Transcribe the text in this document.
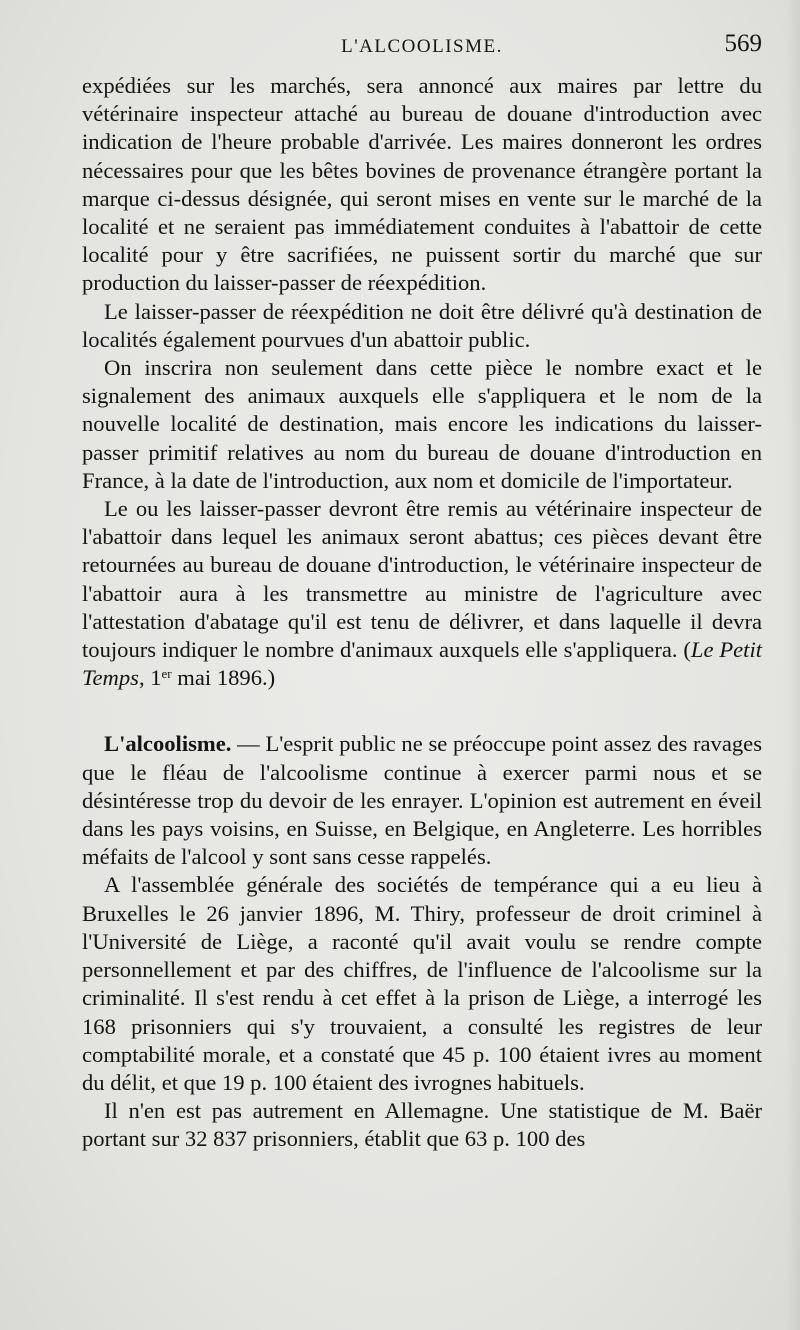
L'ALCOOLISME.	569

expédiées sur les marchés, sera annoncé aux maires par lettre du vétérinaire inspecteur attaché au bureau de douane d'introduction avec indication de l'heure probable d'arrivée. Les maires donneront les ordres nécessaires pour que les bêtes bovines de provenance étrangère portant la marque ci-dessus désignée, qui seront mises en vente sur le marché de la localité et ne seraient pas immédiatement conduites à l'abattoir de cette localité pour y être sacrifiées, ne puissent sortir du marché que sur production du laisser-passer de réexpédition.

Le laisser-passer de réexpédition ne doit être délivré qu'à destination de localités également pourvues d'un abattoir public.

On inscrira non seulement dans cette pièce le nombre exact et le signalement des animaux auxquels elle s'appliquera et le nom de la nouvelle localité de destination, mais encore les indications du laisser-passer primitif relatives au nom du bureau de douane d'introduction en France, à la date de l'introduction, aux nom et domicile de l'importateur.

Le ou les laisser-passer devront être remis au vétérinaire inspecteur de l'abattoir dans lequel les animaux seront abattus; ces pièces devant être retournées au bureau de douane d'introduction, le vétérinaire inspecteur de l'abattoir aura à les transmettre au ministre de l'agriculture avec l'attestation d'abatage qu'il est tenu de délivrer, et dans laquelle il devra toujours indiquer le nombre d'animaux auxquels elle s'appliquera. (Le Petit Temps, 1er mai 1896.)

L'alcoolisme. — L'esprit public ne se préoccupe point assez des ravages que le fléau de l'alcoolisme continue à exercer parmi nous et se désintéresse trop du devoir de les enrayer. L'opinion est autrement en éveil dans les pays voisins, en Suisse, en Belgique, en Angleterre. Les horribles méfaits de l'alcool y sont sans cesse rappelés.

A l'assemblée générale des sociétés de tempérance qui a eu lieu à Bruxelles le 26 janvier 1896, M. Thiry, professeur de droit criminel à l'Université de Liège, a raconté qu'il avait voulu se rendre compte personnellement et par des chiffres, de l'influence de l'alcoolisme sur la criminalité. Il s'est rendu à cet effet à la prison de Liège, a interrogé les 168 prisonniers qui s'y trouvaient, a consulté les registres de leur comptabilité morale, et a constaté que 45 p. 100 étaient ivres au moment du délit, et que 19 p. 100 étaient des ivrognes habituels.

Il n'en est pas autrement en Allemagne. Une statistique de M. Baër portant sur 32 837 prisonniers, établit que 63 p. 100 des
